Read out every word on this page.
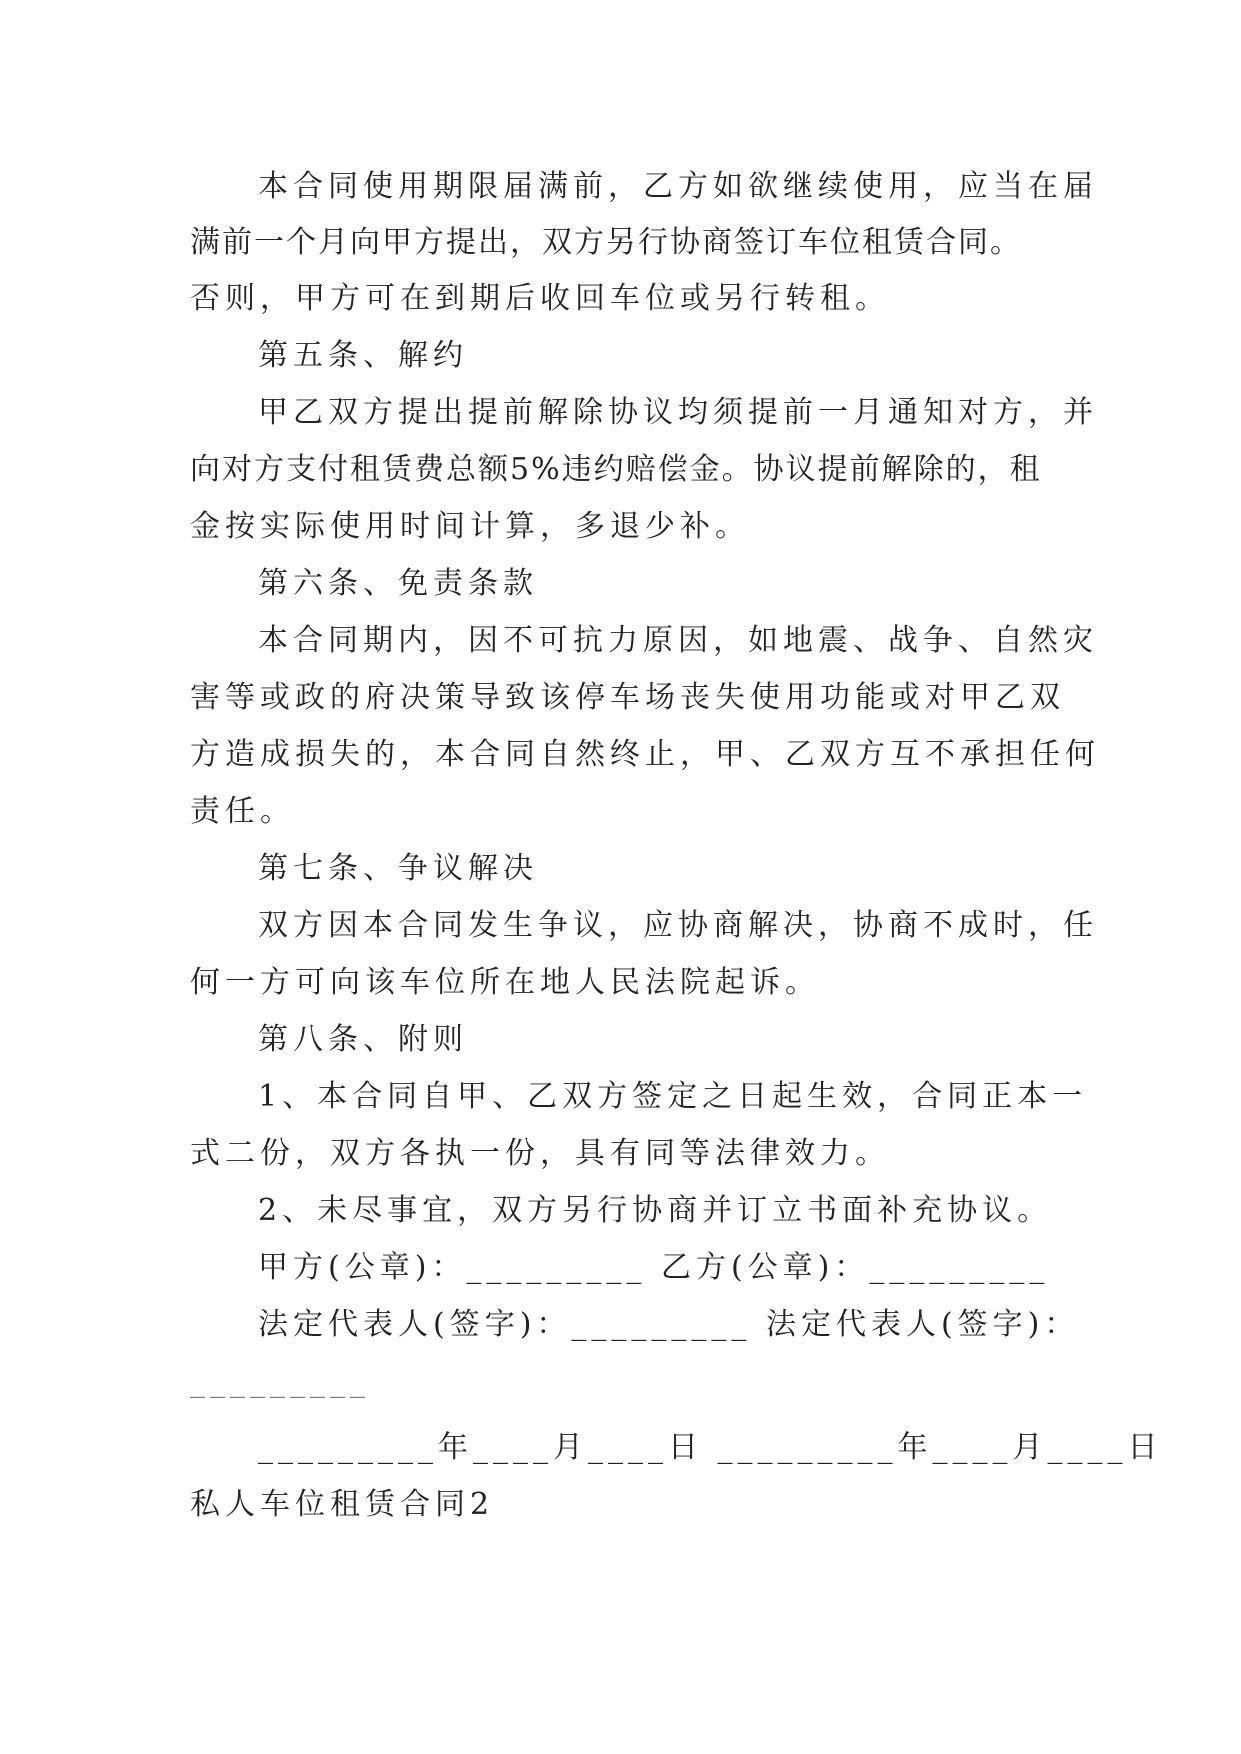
本合同使用期限届满前，乙方如欲继续使用，应当在届
满前一个月向甲方提出，双方另行协商签订车位租赁合同。
否则，甲方可在到期后收回车位或另行转租。
第五条、解约
甲乙双方提出提前解除协议均须提前一月通知对方，并
向对方支付租赁费总额5%违约赔偿金。协议提前解除的，租
金按实际使用时间计算，多退少补。
第六条、免责条款
本合同期内，因不可抗力原因，如地震、战争、自然灾
害等或政的府决策导致该停车场丧失使用功能或对甲乙双
方造成损失的，本合同自然终止，甲、乙双方互不承担任何
责任。
第七条、争议解决
双方因本合同发生争议，应协商解决，协商不成时，任
何一方可向该车位所在地人民法院起诉。
第八条、附则
1、本合同自甲、乙双方签定之日起生效，合同正本一
式二份，双方各执一份，具有同等法律效力。
2、未尽事宜，双方另行协商并订立书面补充协议。
甲方(公章)：_________ 乙方(公章)：_________
法定代表人(签字)：_________ 法定代表人(签字)：
_________
_________年____月____日 _________年____月____日
私人车位租赁合同2
